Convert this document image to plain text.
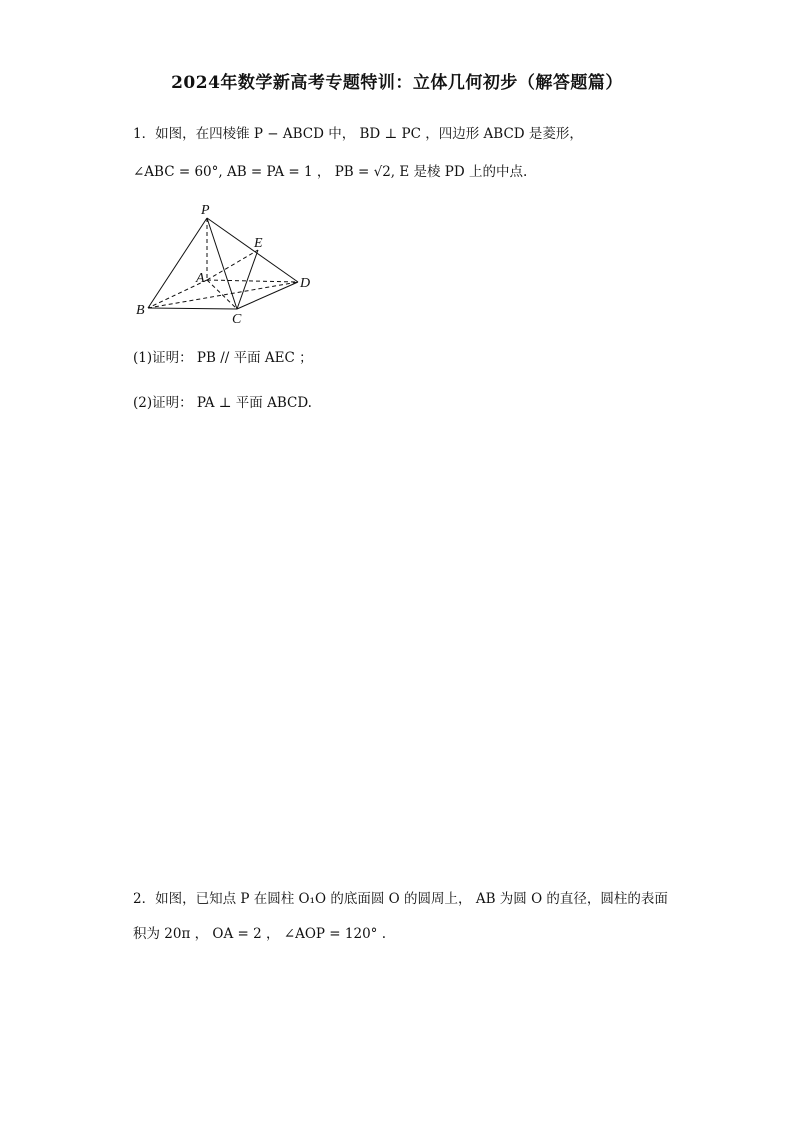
2024年数学新高考专题特训：立体几何初步（解答题篇）
1．如图，在四棱锥 P − ABCD 中， BD ⊥ PC ，四边形 ABCD 是菱形，
∠ABC = 60°, AB = PA = 1 ， PB = √2, E 是棱 PD 上的中点.
P
E
A	D
B
C
(1)证明： PB // 平面 AEC ；
(2)证明： PA ⊥ 平面 ABCD.
2．如图，已知点 P 在圆柱 O₁O 的底面圆 O 的圆周上， AB 为圆 O 的直径，圆柱的表面
积为 20π ， OA = 2 ， ∠AOP = 120° .
